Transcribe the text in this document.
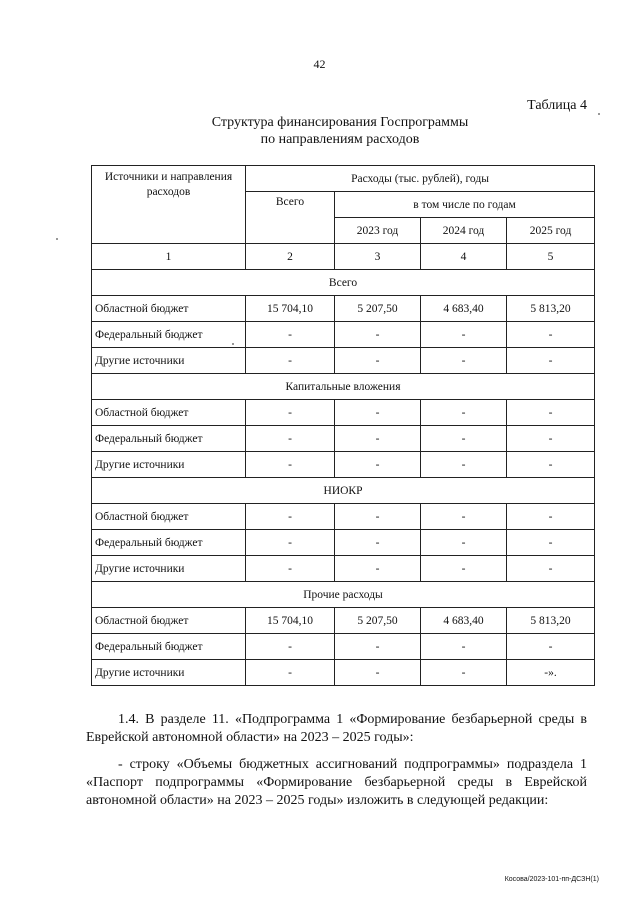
42
Таблица 4
Структура финансирования Госпрограммы
по направлениям расходов
Источники и направления расходов	Расходы (тыс. рублей), годы			
	Всего	в том числе по годам		
		2023 год	2024 год	2025 год
1	2	3	4	5
Всего				
Областной бюджет	15 704,10	5 207,50	4 683,40	5 813,20
Федеральный бюджет	-	-	-	-
Другие источники	-	-	-	-
Капитальные вложения				
Областной бюджет	-	-	-	-
Федеральный бюджет	-	-	-	-
Другие источники	-	-	-	-
НИОКР				
Областной бюджет	-	-	-	-
Федеральный бюджет	-	-	-	-
Другие источники	-	-	-	-
Прочие расходы				
Областной бюджет	15 704,10	5 207,50	4 683,40	5 813,20
Федеральный бюджет	-	-	-	-
Другие источники	-	-	-	-».

1.4. В разделе 11. «Подпрограмма 1 «Формирование безбарьерной среды в Еврейской автономной области» на 2023 – 2025 годы»:

- строку «Объемы бюджетных ассигнований подпрограммы» подраздела 1 «Паспорт подпрограммы «Формирование безбарьерной среды в Еврейской автономной области» на 2023 – 2025 годы» изложить в следующей редакции:

Косова/2023-101-пп-ДСЗН(1)
